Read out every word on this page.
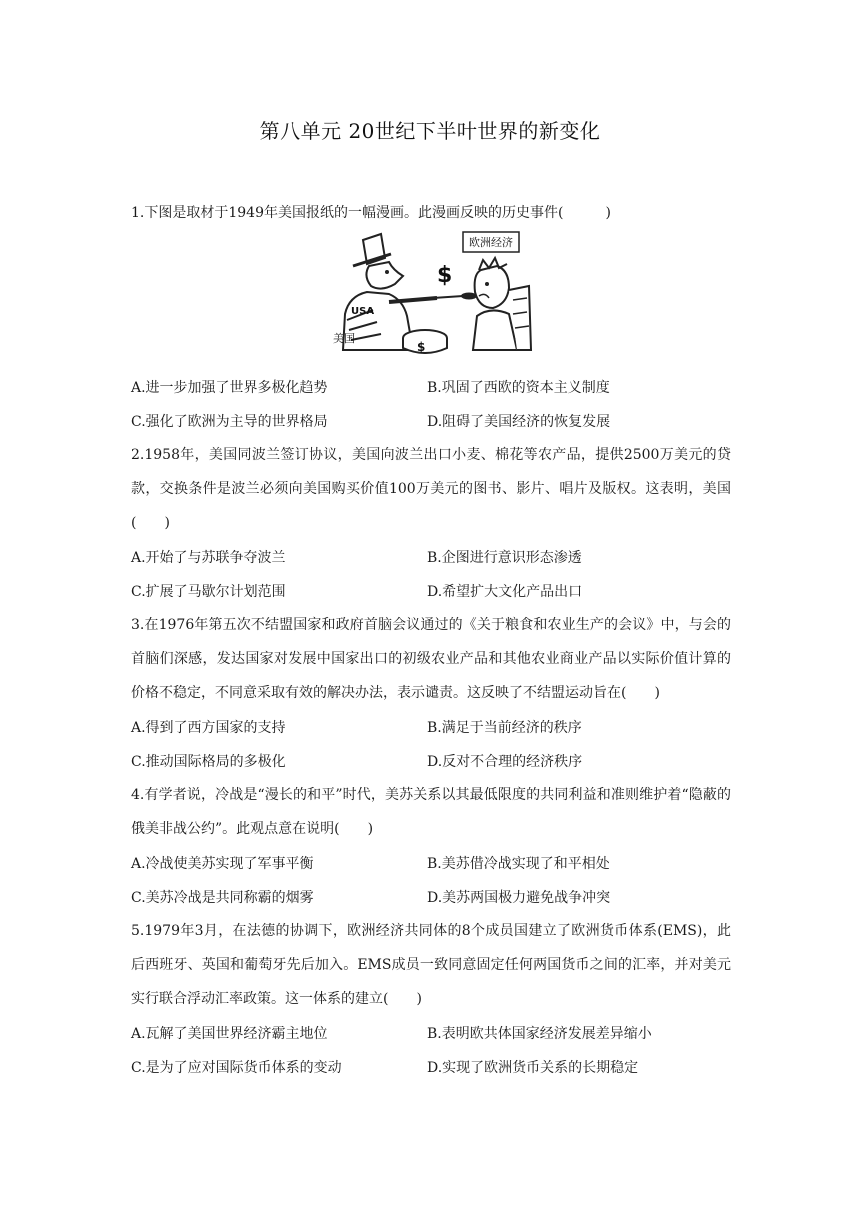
第八单元 20世纪下半叶世界的新变化
1.下图是取材于1949年美国报纸的一幅漫画。此漫画反映的历史事件(　　　)
欧洲经济
USA
$
$
美国
A.进一步加强了世界多极化趋势	B.巩固了西欧的资本主义制度
C.强化了欧洲为主导的世界格局	D.阻碍了美国经济的恢复发展
2.1958年，美国同波兰签订协议，美国向波兰出口小麦、棉花等农产品，提供2500万美元的贷款，交换条件是波兰必须向美国购买价值100万美元的图书、影片、唱片及版权。这表明，美国(　　)
A.开始了与苏联争夺波兰	B.企图进行意识形态渗透
C.扩展了马歇尔计划范围	D.希望扩大文化产品出口
3.在1976年第五次不结盟国家和政府首脑会议通过的《关于粮食和农业生产的会议》中，与会的首脑们深感，发达国家对发展中国家出口的初级农业产品和其他农业商业产品以实际价值计算的价格不稳定，不同意采取有效的解决办法，表示谴责。这反映了不结盟运动旨在(　　)
A.得到了西方国家的支持	B.满足于当前经济的秩序
C.推动国际格局的多极化	D.反对不合理的经济秩序
4.有学者说，冷战是“漫长的和平”时代，美苏关系以其最低限度的共同利益和准则维护着“隐蔽的俄美非战公约”。此观点意在说明(　　)
A.冷战使美苏实现了军事平衡	B.美苏借冷战实现了和平相处
C.美苏冷战是共同称霸的烟雾	D.美苏两国极力避免战争冲突
5.1979年3月，在法德的协调下，欧洲经济共同体的8个成员国建立了欧洲货币体系(EMS)，此后西班牙、英国和葡萄牙先后加入。EMS成员一致同意固定任何两国货币之间的汇率，并对美元实行联合浮动汇率政策。这一体系的建立(　　)
A.瓦解了美国世界经济霸主地位	B.表明欧共体国家经济发展差异缩小
C.是为了应对国际货币体系的变动	D.实现了欧洲货币关系的长期稳定
